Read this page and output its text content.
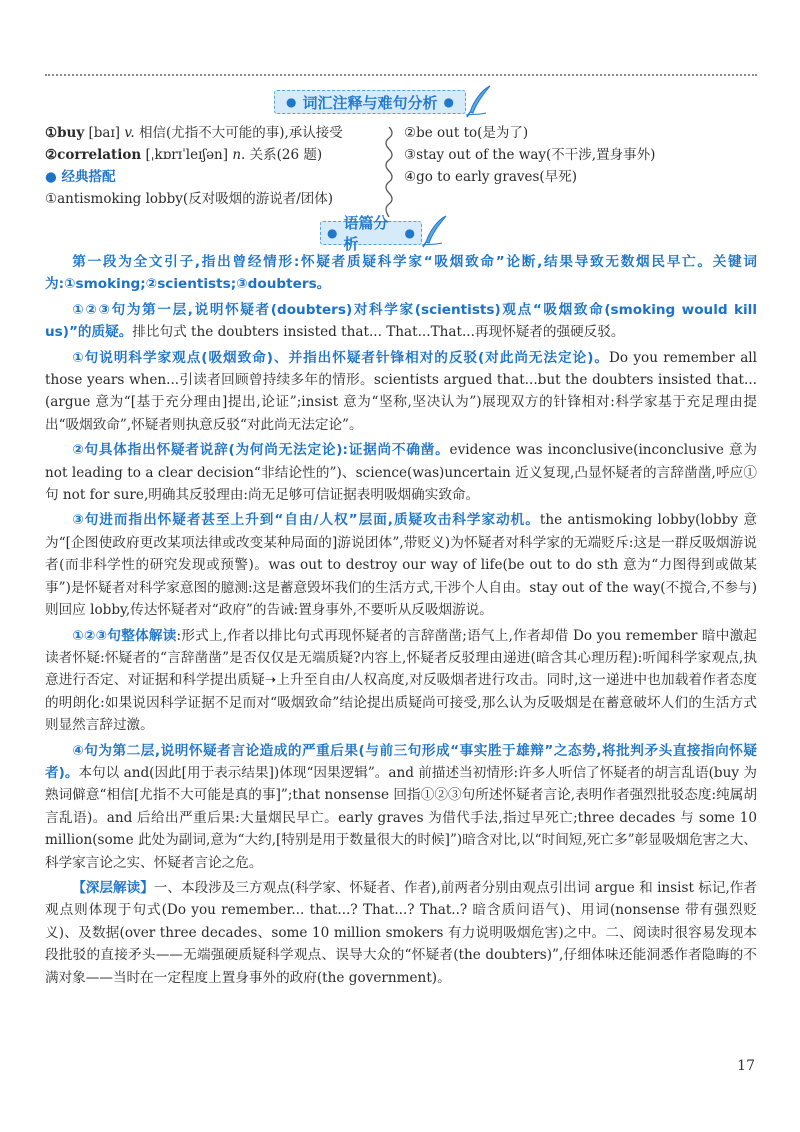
● 词汇注释与难句分析 ●
①buy [baɪ] v. 相信(尤指不大可能的事),承认接受
②correlation [ˌkɒrɪˈleɪʃən] n. 关系(26 题)
● 经典搭配
①antismoking lobby(反对吸烟的游说者/团体)
②be out to(是为了)
③stay out of the way(不干涉,置身事外)
④go to early graves(早死)
●
语篇分析
●

第一段为全文引子,指出曾经情形:怀疑者质疑科学家“吸烟致命”论断,结果导致无数烟民早亡。关键词为:①smoking;②scientists;③doubters。

①②③句为第一层,说明怀疑者(doubters)对科学家(scientists)观点“吸烟致命(smoking would kill us)”的质疑。排比句式 the doubters insisted that... That...That...再现怀疑者的强硬反驳。

①句说明科学家观点(吸烟致命)、并指出怀疑者针锋相对的反驳(对此尚无法定论)。Do you remember all those years when...引读者回顾曾持续多年的情形。scientists argued that...but the doubters insisted that...(argue 意为“[基于充分理由]提出,论证”;insist 意为“坚称,坚决认为”)展现双方的针锋相对:科学家基于充足理由提出“吸烟致命”,怀疑者则执意反驳“对此尚无法定论”。

②句具体指出怀疑者说辞(为何尚无法定论):证据尚不确凿。evidence was inconclusive(inconclusive 意为 not leading to a clear decision“非结论性的”)、science(was)uncertain 近义复现,凸显怀疑者的言辞凿凿,呼应①句 not for sure,明确其反驳理由:尚无足够可信证据表明吸烟确实致命。

③句进而指出怀疑者甚至上升到“自由/人权”层面,质疑攻击科学家动机。the antismoking lobby(lobby 意为“[企图使政府更改某项法律或改变某种局面的]游说团体”,带贬义)为怀疑者对科学家的无端贬斥:这是一群反吸烟游说者(而非科学性的研究发现或预警)。was out to destroy our way of life(be out to do sth 意为“力图得到或做某事”)是怀疑者对科学家意图的臆测:这是蓄意毁坏我们的生活方式,干涉个人自由。stay out of the way(不搅合,不参与)则回应 lobby,传达怀疑者对“政府”的告诫:置身事外,不要听从反吸烟游说。

①②③句整体解读:形式上,作者以排比句式再现怀疑者的言辞凿凿;语气上,作者却借 Do you remember 暗中激起读者怀疑:怀疑者的“言辞凿凿”是否仅仅是无端质疑?内容上,怀疑者反驳理由递进(暗含其心理历程):听闻科学家观点,执意进行否定、对证据和科学提出质疑➝上升至自由/人权高度,对反吸烟者进行攻击。同时,这一递进中也加载着作者态度的明朗化:如果说因科学证据不足而对“吸烟致命”结论提出质疑尚可接受,那么认为反吸烟是在蓄意破坏人们的生活方式则显然言辞过激。

④句为第二层,说明怀疑者言论造成的严重后果(与前三句形成“事实胜于雄辩”之态势,将批判矛头直接指向怀疑者)。本句以 and(因此[用于表示结果])体现“因果逻辑”。and 前描述当初情形:许多人听信了怀疑者的胡言乱语(buy 为熟词僻意“相信[尤指不大可能是真的事]”;that nonsense 回指①②③句所述怀疑者言论,表明作者强烈批驳态度:纯属胡言乱语)。and 后给出严重后果:大量烟民早亡。early graves 为借代手法,指过早死亡;three decades 与 some 10 million(some 此处为副词,意为“大约,[特别是用于数量很大的时候]”)暗含对比,以“时间短,死亡多”彰显吸烟危害之大、科学家言论之实、怀疑者言论之危。

【深层解读】一、本段涉及三方观点(科学家、怀疑者、作者),前两者分别由观点引出词 argue 和 insist 标记,作者观点则体现于句式(Do you remember... that...? That...? That..? 暗含质问语气)、用词(nonsense 带有强烈贬义)、及数据(over three decades、some 10 million smokers 有力说明吸烟危害)之中。二、阅读时很容易发现本段批驳的直接矛头——无端强硬质疑科学观点、误导大众的“怀疑者(the doubters)”,仔细体味还能洞悉作者隐晦的不满对象——当时在一定程度上置身事外的政府(the government)。

17
